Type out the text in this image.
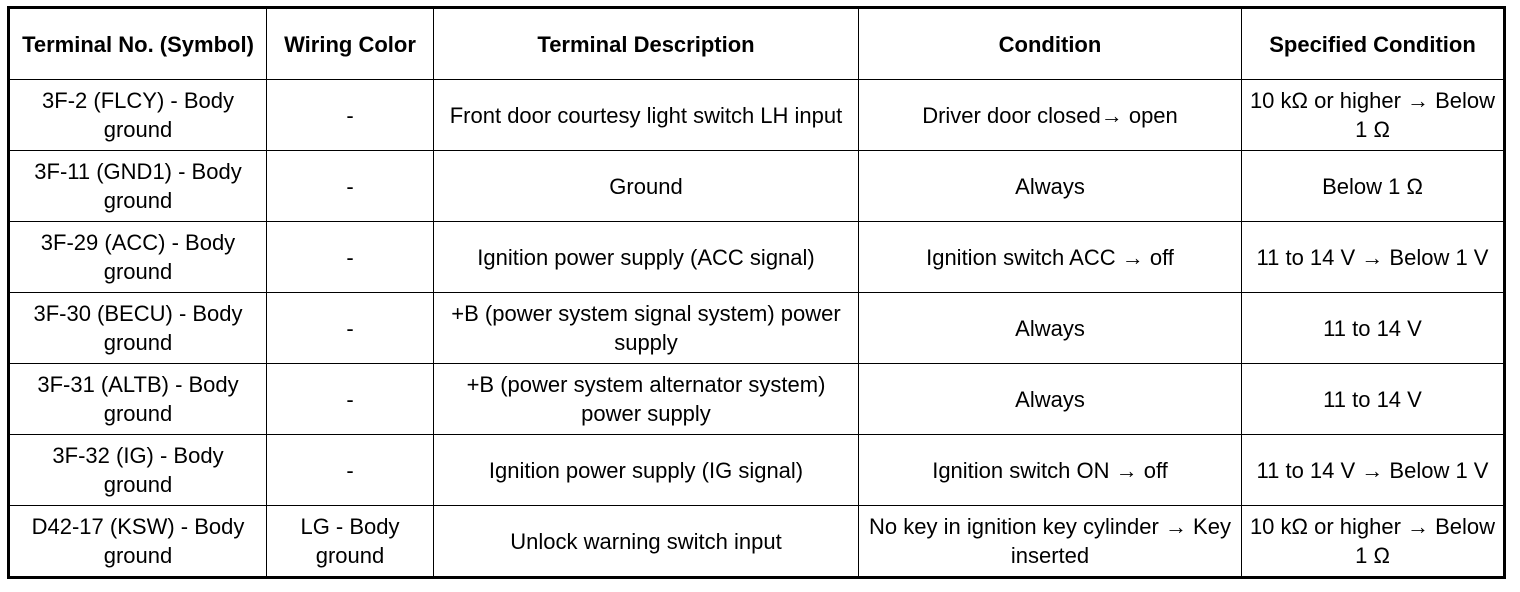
Terminal No. (Symbol)	Wiring Color	Terminal Description	Condition	Specified Condition
3F-2 (FLCY) - Body ground	-	Front door courtesy light switch LH input	Driver door closed→ open	10 kΩ or higher → Below 1 Ω
3F-11 (GND1) - Body ground	-	Ground	Always	Below 1 Ω
3F-29 (ACC) - Body ground	-	Ignition power supply (ACC signal)	Ignition switch ACC → off	11 to 14 V → Below 1 V
3F-30 (BECU) - Body ground	-	+B (power system signal system) power supply	Always	11 to 14 V
3F-31 (ALTB) - Body ground	-	+B (power system alternator system) power supply	Always	11 to 14 V
3F-32 (IG) - Body ground	-	Ignition power supply (IG signal)	Ignition switch ON → off	11 to 14 V → Below 1 V
D42-17 (KSW) - Body ground	LG - Body ground	Unlock warning switch input	No key in ignition key cylinder → Key inserted	10 kΩ or higher → Below 1 Ω
